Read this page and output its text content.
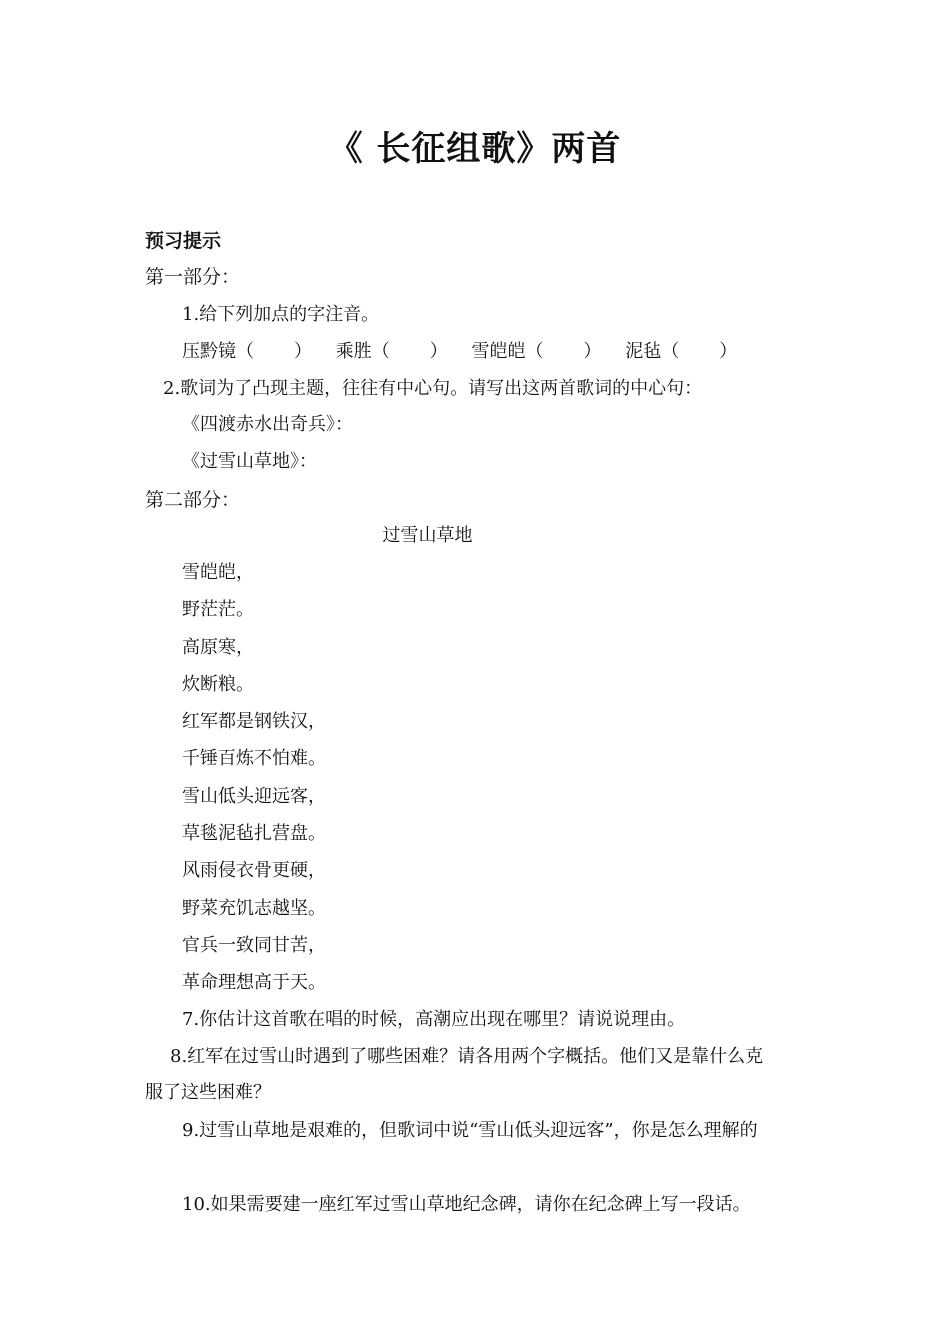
《 长征组歌》两首
预习提示
第一部分：
1.给下列加点的字注音。
压黔镜（ ） 乘胜（ ） 雪皑皑（ ） 泥毡（ ）
2.歌词为了凸现主题，往往有中心句。请写出这两首歌词的中心句：
《四渡赤水出奇兵》：
《过雪山草地》：
第二部分：
过雪山草地
雪皑皑，
野茫茫。
高原寒，
炊断粮。
红军都是钢铁汉，
千锤百炼不怕难。
雪山低头迎远客，
草毯泥毡扎营盘。
风雨侵衣骨更硬，
野菜充饥志越坚。
官兵一致同甘苦，
革命理想高于天。
7.你估计这首歌在唱的时候，高潮应出现在哪里？请说说理由。
8.红军在过雪山时遇到了哪些困难？请各用两个字概括。他们又是靠什么克
服了这些困难？
9.过雪山草地是艰难的，但歌词中说“雪山低头迎远客”，你是怎么理解的
10.如果需要建一座红军过雪山草地纪念碑，请你在纪念碑上写一段话。
